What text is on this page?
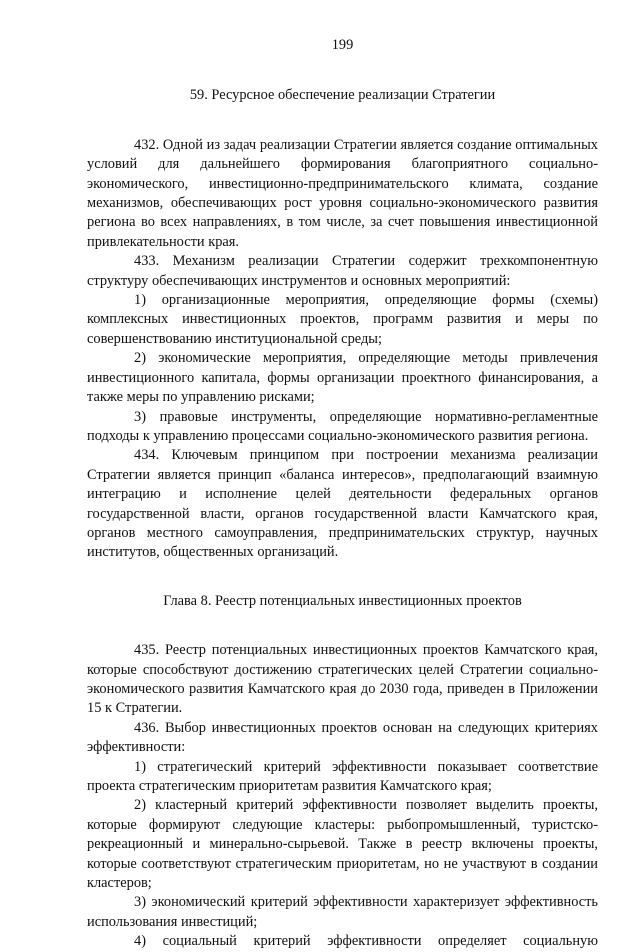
199
59. Ресурсное обеспечение реализации Стратегии

432. Одной из задач реализации Стратегии является создание оптимальных условий для дальнейшего формирования благоприятного социально-экономического, инвестиционно-предпринимательского климата, создание механизмов, обеспечивающих рост уровня социально-экономического развития региона во всех направлениях, в том числе, за счет повышения инвестиционной привлекательности края.

433. Механизм реализации Стратегии содержит трехкомпонентную структуру обеспечивающих инструментов и основных мероприятий:

1) организационные мероприятия, определяющие формы (схемы) комплексных инвестиционных проектов, программ развития и меры по совершенствованию институциональной среды;

2) экономические мероприятия, определяющие методы привлечения инвестиционного капитала, формы организации проектного финансирования, а также меры по управлению рисками;

3) правовые инструменты, определяющие нормативно-регламентные подходы к управлению процессами социально-экономического развития региона.

434. Ключевым принципом при построении механизма реализации Стратегии является принцип «баланса интересов», предполагающий взаимную интеграцию и исполнение целей деятельности федеральных органов государственной власти, органов государственной власти Камчатского края, органов местного самоуправления, предпринимательских структур, научных институтов, общественных организаций.

Глава 8. Реестр потенциальных инвестиционных проектов

435. Реестр потенциальных инвестиционных проектов Камчатского края, которые способствуют достижению стратегических целей Стратегии социально-экономического развития Камчатского края до 2030 года, приведен в Приложении 15 к Стратегии.

436. Выбор инвестиционных проектов основан на следующих критериях эффективности:

1) стратегический критерий эффективности показывает соответствие проекта стратегическим приоритетам развития Камчатского края;

2) кластерный критерий эффективности позволяет выделить проекты, которые формируют следующие кластеры: рыбопромышленный, туристско-рекреационный и минерально-сырьевой. Также в реестр включены проекты, которые соответствуют стратегическим приоритетам, но не участвуют в создании кластеров;

3) экономический критерий эффективности характеризует эффективность использования инвестиций;

4) социальный критерий эффективности определяет социальную
